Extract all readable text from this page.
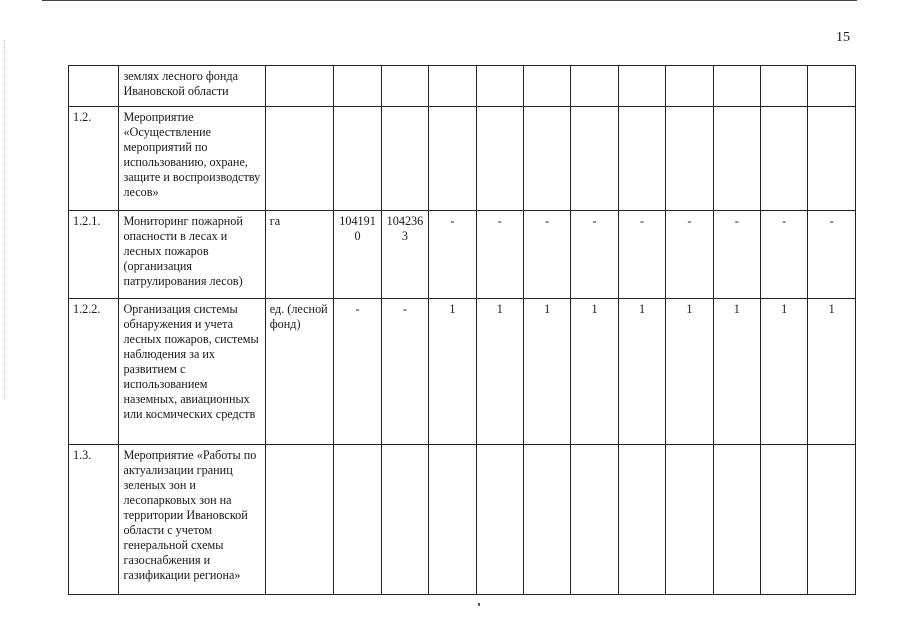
15
	землях лесного фонда Ивановской области												
1.2.	Мероприятие «Осуществление мероприятий по использованию, охране, защите и воспроизводству лесов»												
1.2.1.	Мониторинг пожарной опасности в лесах и лесных пожаров (организация патрулирования лесов)	га	1041910	1042363	-	-	-	-	-	-	-	-	-
1.2.2.	Организация системы обнаружения и учета лесных пожаров, системы наблюдения за их развитием с использованием наземных, авиационных или космических средств	ед. (лесной фонд)	-	-	1	1	1	1	1	1	1	1	1
1.3.	Мероприятие «Работы по актуализации границ зеленых зон и лесопарковых зон на территории Ивановской области с учетом генеральной схемы газоснабжения и газификации региона»												
